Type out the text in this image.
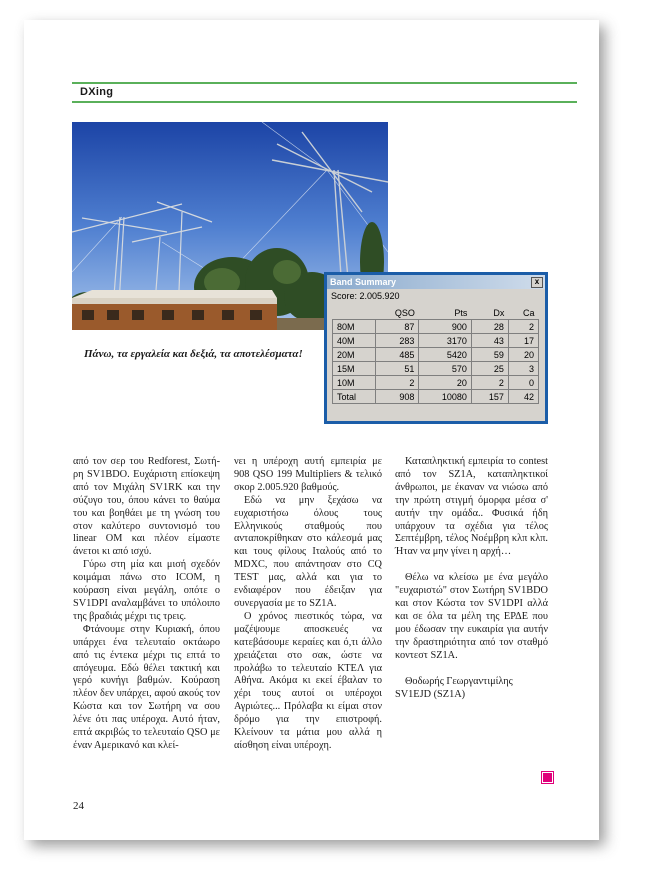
DXing
Πάνω, τα εργαλεία και δεξιά, τα αποτελέσματα!
Band Summary	x
Score: 2.005.920
	QSO	Pts	Dx	Ca
80M	87	900	28	2
40M	283	3170	43	17
20M	485	5420	59	20
15M	51	570	25	3
10M	2	20	2	0
Total	908	10080	157	42

από τον σερ του Redforest, Σωτή-ρη SV1BDO. Ευχάριστη επίσκεψη από τον Μιχάλη SV1RK και την σύζυγο του, όπου κάνει το θαύμα του και βοηθάει με τη γνώση του στον καλύτερο συντονισμό του linear OM και πλέον είμαστε άνετοι κι από ισχύ.

Γύρω στη μία και μισή σχεδόν κοιμάμαι πάνω στο ICOM, η κούραση είναι μεγάλη, οπότε ο SV1DPI αναλαμβάνει το υπόλοιπο της βραδιάς μέχρι τις τρεις.

Φτάνουμε στην Κυριακή, όπου υπάρχει ένα τελευταίο οκτάωρο από τις έντεκα μέχρι τις επτά το απόγευμα. Εδώ θέλει τακτική και γερό κυνήγι βαθμών. Κούραση πλέον δεν υπάρχει, αφού ακούς τον Κώστα και τον Σωτήρη να σου λένε ότι πας υπέροχα. Αυτό ήταν, επτά ακριβώς το τελευταίο QSO με έναν Αμερικανό και κλεί-

νει η υπέροχη αυτή εμπειρία με 908 QSO 199 Multipliers & τελικό σκορ 2.005.920 βαθμούς.

Εδώ να μην ξεχάσω να ευχαριστήσω όλους τους Ελληνικούς σταθμούς που ανταποκρίθηκαν στο κάλεσμά μας και τους φίλους Ιταλούς από το MDXC, που απάντησαν στο CQ TEST μας, αλλά και για το ενδιαφέρον που έδειξαν για συνεργασία με το SZ1A.

Ο χρόνος πιεστικός τώρα, να μαζέψουμε αποσκευές να κατεβάσουμε κεραίες και ό,τι άλλο χρειάζεται στο σακ, ώστε να προλάβω το τελευταίο ΚΤΕΛ για Αθήνα. Ακόμα κι εκεί έβαλαν το χέρι τους αυτοί οι υπέροχοι Αγριώτες... Πρόλαβα κι είμαι στον δρόμο για την επιστροφή. Κλείνουν τα μάτια μου αλλά η αίσθηση είναι υπέροχη.

Καταπληκτική εμπειρία το contest από τον SZ1A, καταπληκτικοί άνθρωποι, με έκαναν να νιώσω από την πρώτη στιγμή όμορφα μέσα σ' αυτήν την ομάδα.. Φυσικά ήδη υπάρχουν τα σχέδια για τέλος Σεπτέμβρη, τέλος Νοέμβρη κλπ κλπ. Ήταν να μην γίνει η αρχή…

Θέλω να κλείσω με ένα μεγάλο "ευχαριστώ" στον Σωτήρη SV1BDO και στον Κώστα τον SV1DPI αλλά και σε όλα τα μέλη της ΕΡΔΕ που μου έδωσαν την ευκαιρία για αυτήν την δραστηριότητα από τον σταθμό κοντεστ SZ1A.

Θοδωρής Γεωργαντιμίλης

SV1EJD (SZ1A)

24
